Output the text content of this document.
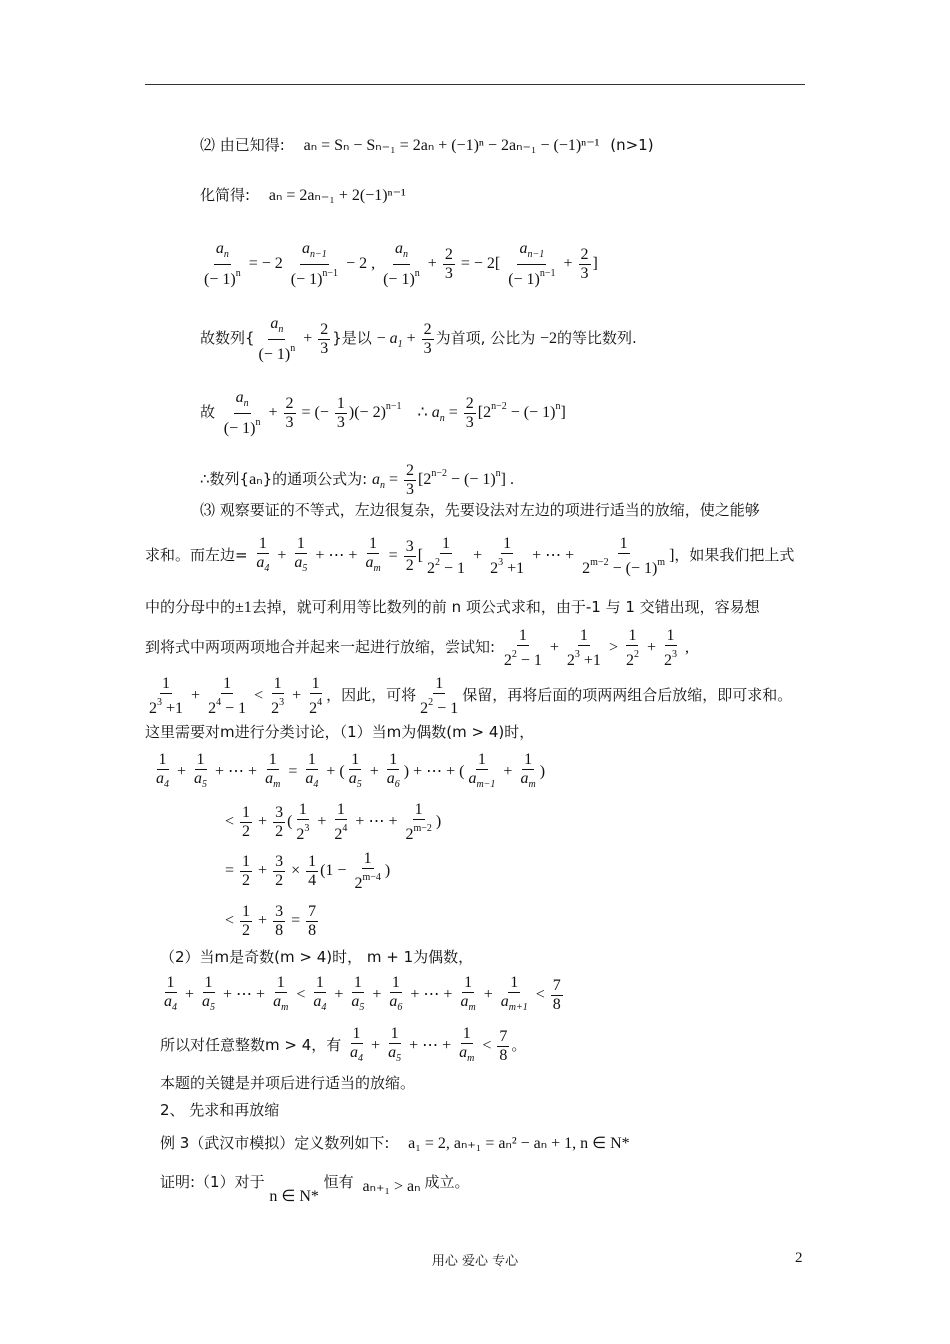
⑵ 由已知得: aₙ = Sₙ − Sₙ₋₁ = 2aₙ + (−1)ⁿ − 2aₙ₋₁ − (−1)ⁿ⁻¹ (n>1)
化简得: aₙ = 2aₙ₋₁ + 2(−1)ⁿ⁻¹
$\frac{a_n}{(- 1)^n}$ = − $2 \frac{a_{n-1}}{(- 1)^{n-1}} - 2$ , $\frac{a_n}{(- 1)^n} + \frac{2}{3}$ = − $2[ \frac{a_{n-1}}{(- 1)^{n-1}} + \frac{2}{3}$ ]
故数列{ $\frac{a_n}{(- 1)^n} + \frac{2}{3}$ }是以 − $a_1 + \frac{2}{3}$ 为首项, 公比为 −2的等比数列.
故 $\frac{a_n}{(- 1)^n} + \frac{2}{3}$ = (− $\frac{1}{3}$ )(− 2)$^{n-1}$    ∴ $a_n = \frac{2}{3} [2^{n-2}$ − (− 1)$^n$]
∴数列{aₙ}的通项公式为: $a_n = \frac{2}{3} [2^{n-2}$ − (− 1)$^n$] .
⑶ 观察要证的不等式，左边很复杂，先要设法对左边的项进行适当的放缩，使之能够
求和。而左边= $\frac{1}{a_4} + \frac{1}{a_5}$ + ⋯ + $\frac{1}{a_m} = \frac{3}{2}$ [ $\frac{1}{2^2 - 1} + \frac{1}{2^3 +1}$ + ⋯ + $\frac{1}{2^{m-2} - (- 1)^m}$ ]，如果我们把上式
中的分母中的±1去掉，就可利用等比数列的前 n 项公式求和，由于-1 与 1 交错出现，容易想
到将式中两项两项地合并起来一起进行放缩，尝试知: $\frac{1}{2^2 - 1} + \frac{1}{2^3 +1} > \frac{1}{2^2} + \frac{1}{2^3}$ ,
$\frac{1}{2^3 +1} + \frac{1}{2^4 - 1} < \frac{1}{2^3} + \frac{1}{2^4}$ ，因此，可将 $\frac{1}{2^2 - 1}$ 保留，再将后面的项两两组合后放缩，即可求和。
这里需要对m进行分类讨论，（1）当m为偶数(m > 4)时，
$\frac{1}{a_4} + \frac{1}{a_5}$ + ⋯ + $\frac{1}{a_m} = \frac{1}{a_4}$ + ( $\frac{1}{a_5} + \frac{1}{a_6}$ ) + ⋯ + ( $\frac{1}{a_{m-1}} + \frac{1}{a_m}$ )
< $\frac{1}{2} + \frac{3}{2}$ ( $\frac{1}{2^3} + \frac{1}{2^4}$ + ⋯ + $\frac{1}{2^{m-2}}$ )
= $\frac{1}{2} + \frac{3}{2} \times \frac{1}{4} (1 - \frac{1}{2^{m-4}}$ )
< $\frac{1}{2} + \frac{3}{8} = \frac{7}{8}$
（2）当m是奇数(m > 4)时， m + 1为偶数，
$\frac{1}{a_4} + \frac{1}{a_5}$ + ⋯ + $\frac{1}{a_m} < \frac{1}{a_4} + \frac{1}{a_5} + \frac{1}{a_6}$ + ⋯ + $\frac{1}{a_m} + \frac{1}{a_{m+1}} < \frac{7}{8}$
所以对任意整数m > 4，有 $\frac{1}{a_4} + \frac{1}{a_5}$ + ⋯ + $\frac{1}{a_m} < \frac{7}{8}$ 。
本题的关键是并项后进行适当的放缩。
2、 先求和再放缩
例 3（武汉市模拟）定义数列如下: a₁ = 2, aₙ₊₁ = aₙ² − aₙ + 1, n ∈ N*
证明:（1）对于 n ∈ N* 恒有 aₙ₊₁ > aₙ 成立。
用心 爱心 专心	2
